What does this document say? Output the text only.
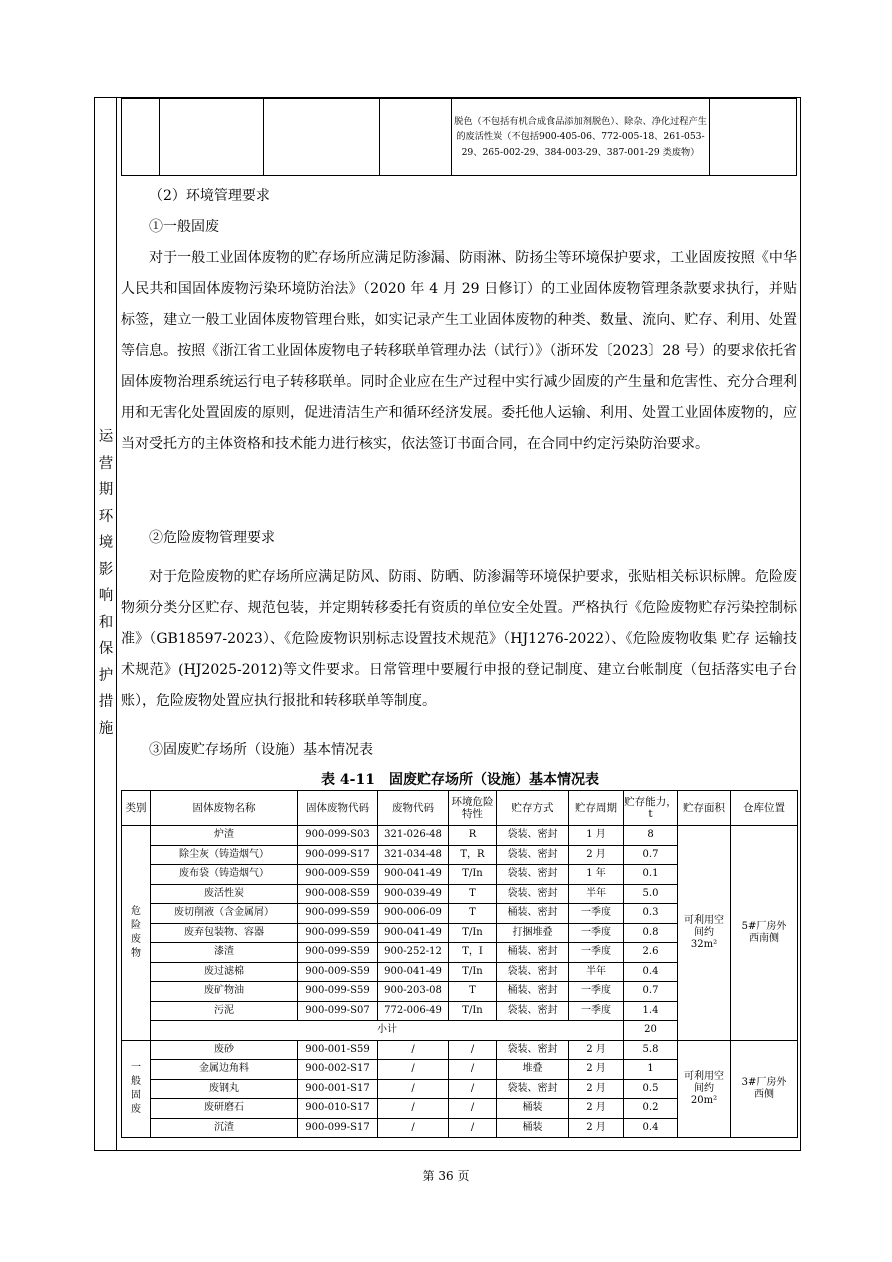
运
营
期
环
境
影
响
和
保
护
措
施
				脱色（不包括有机合成食品添加剂脱色）、除杂、净化过程产生的废活性炭（不包括900-405-06、772-005-18、261-053-29、265-002-29、384-003-29、387-001-29 类废物）	
（2）环境管理要求
①一般固废
对于一般工业固体废物的贮存场所应满足防渗漏、防雨淋、防扬尘等环境保护要求，工业固废按照《中华人民共和国固体废物污染环境防治法》（2020 年 4 月 29 日修订）的工业固体废物管理条款要求执行，并贴标签，建立一般工业固体废物管理台账，如实记录产生工业固体废物的种类、数量、流向、贮存、利用、处置等信息。按照《浙江省工业固体废物电子转移联单管理办法（试行）》（浙环发〔2023〕28 号）的要求依托省固体废物治理系统运行电子转移联单。同时企业应在生产过程中实行减少固废的产生量和危害性、充分合理利用和无害化处置固废的原则，促进清洁生产和循环经济发展。委托他人运输、利用、处置工业固体废物的，应当对受托方的主体资格和技术能力进行核实，依法签订书面合同，在合同中约定污染防治要求。
②危险废物管理要求
对于危险废物的贮存场所应满足防风、防雨、防晒、防渗漏等环境保护要求，张贴相关标识标牌。危险废物须分类分区贮存、规范包装，并定期转移委托有资质的单位安全处置。严格执行《危险废物贮存污染控制标准》（GB18597-2023）、《危险废物识别标志设置技术规范》（HJ1276-2022）、《危险废物收集 贮存 运输技术规范》(HJ2025-2012)等文件要求。日常管理中要履行申报的登记制度、建立台帐制度（包括落实电子台账），危险废物处置应执行报批和转移联单等制度。
③固废贮存场所（设施）基本情况表
表 4-11　固废贮存场所（设施）基本情况表
类别	固体废物名称	固体废物代码	废物代码	环境危险特性	贮存方式	贮存周期	贮存能力，t	贮存面积	仓库位置

危
险
废
物	炉渣	900-099-S03	321-026-48	R	袋装、密封	1 月	8	可利用空间约32m²	5#厂房外西南侧
	除尘灰（铸造烟气）	900-099-S17	321-034-48	T，R	袋装、密封	2 月	0.7		
	废布袋（铸造烟气）	900-009-S59	900-041-49	T/In	袋装、密封	1 年	0.1		
	废活性炭	900-008-S59	900-039-49	T	袋装、密封	半年	5.0		
	废切削液（含金属屑）	900-099-S59	900-006-09	T	桶装、密封	一季度	0.3		
	废弃包装物、容器	900-099-S59	900-041-49	T/In	打捆堆叠	一季度	0.8		
	漆渣	900-099-S59	900-252-12	T，I	桶装、密封	一季度	2.6		
	废过滤棉	900-009-S59	900-041-49	T/In	袋装、密封	半年	0.4		
	废矿物油	900-099-S59	900-203-08	T	桶装、密封	一季度	0.7		
	污泥	900-099-S07	772-006-49	T/In	袋装、密封	一季度	1.4		
	小计						20		

一
般
固
废	废砂	900-001-S59	/	/	袋装、密封	2 月	5.8	可利用空间约20m²	3#厂房外西侧
	金属边角料	900-002-S17	/	/	堆叠	2 月	1		
	废钢丸	900-001-S17	/	/	袋装、密封	2 月	0.5		
	废研磨石	900-010-S17	/	/	桶装	2 月	0.2		
	沉渣	900-099-S17	/	/	桶装	2 月	0.4		
第 36 页
